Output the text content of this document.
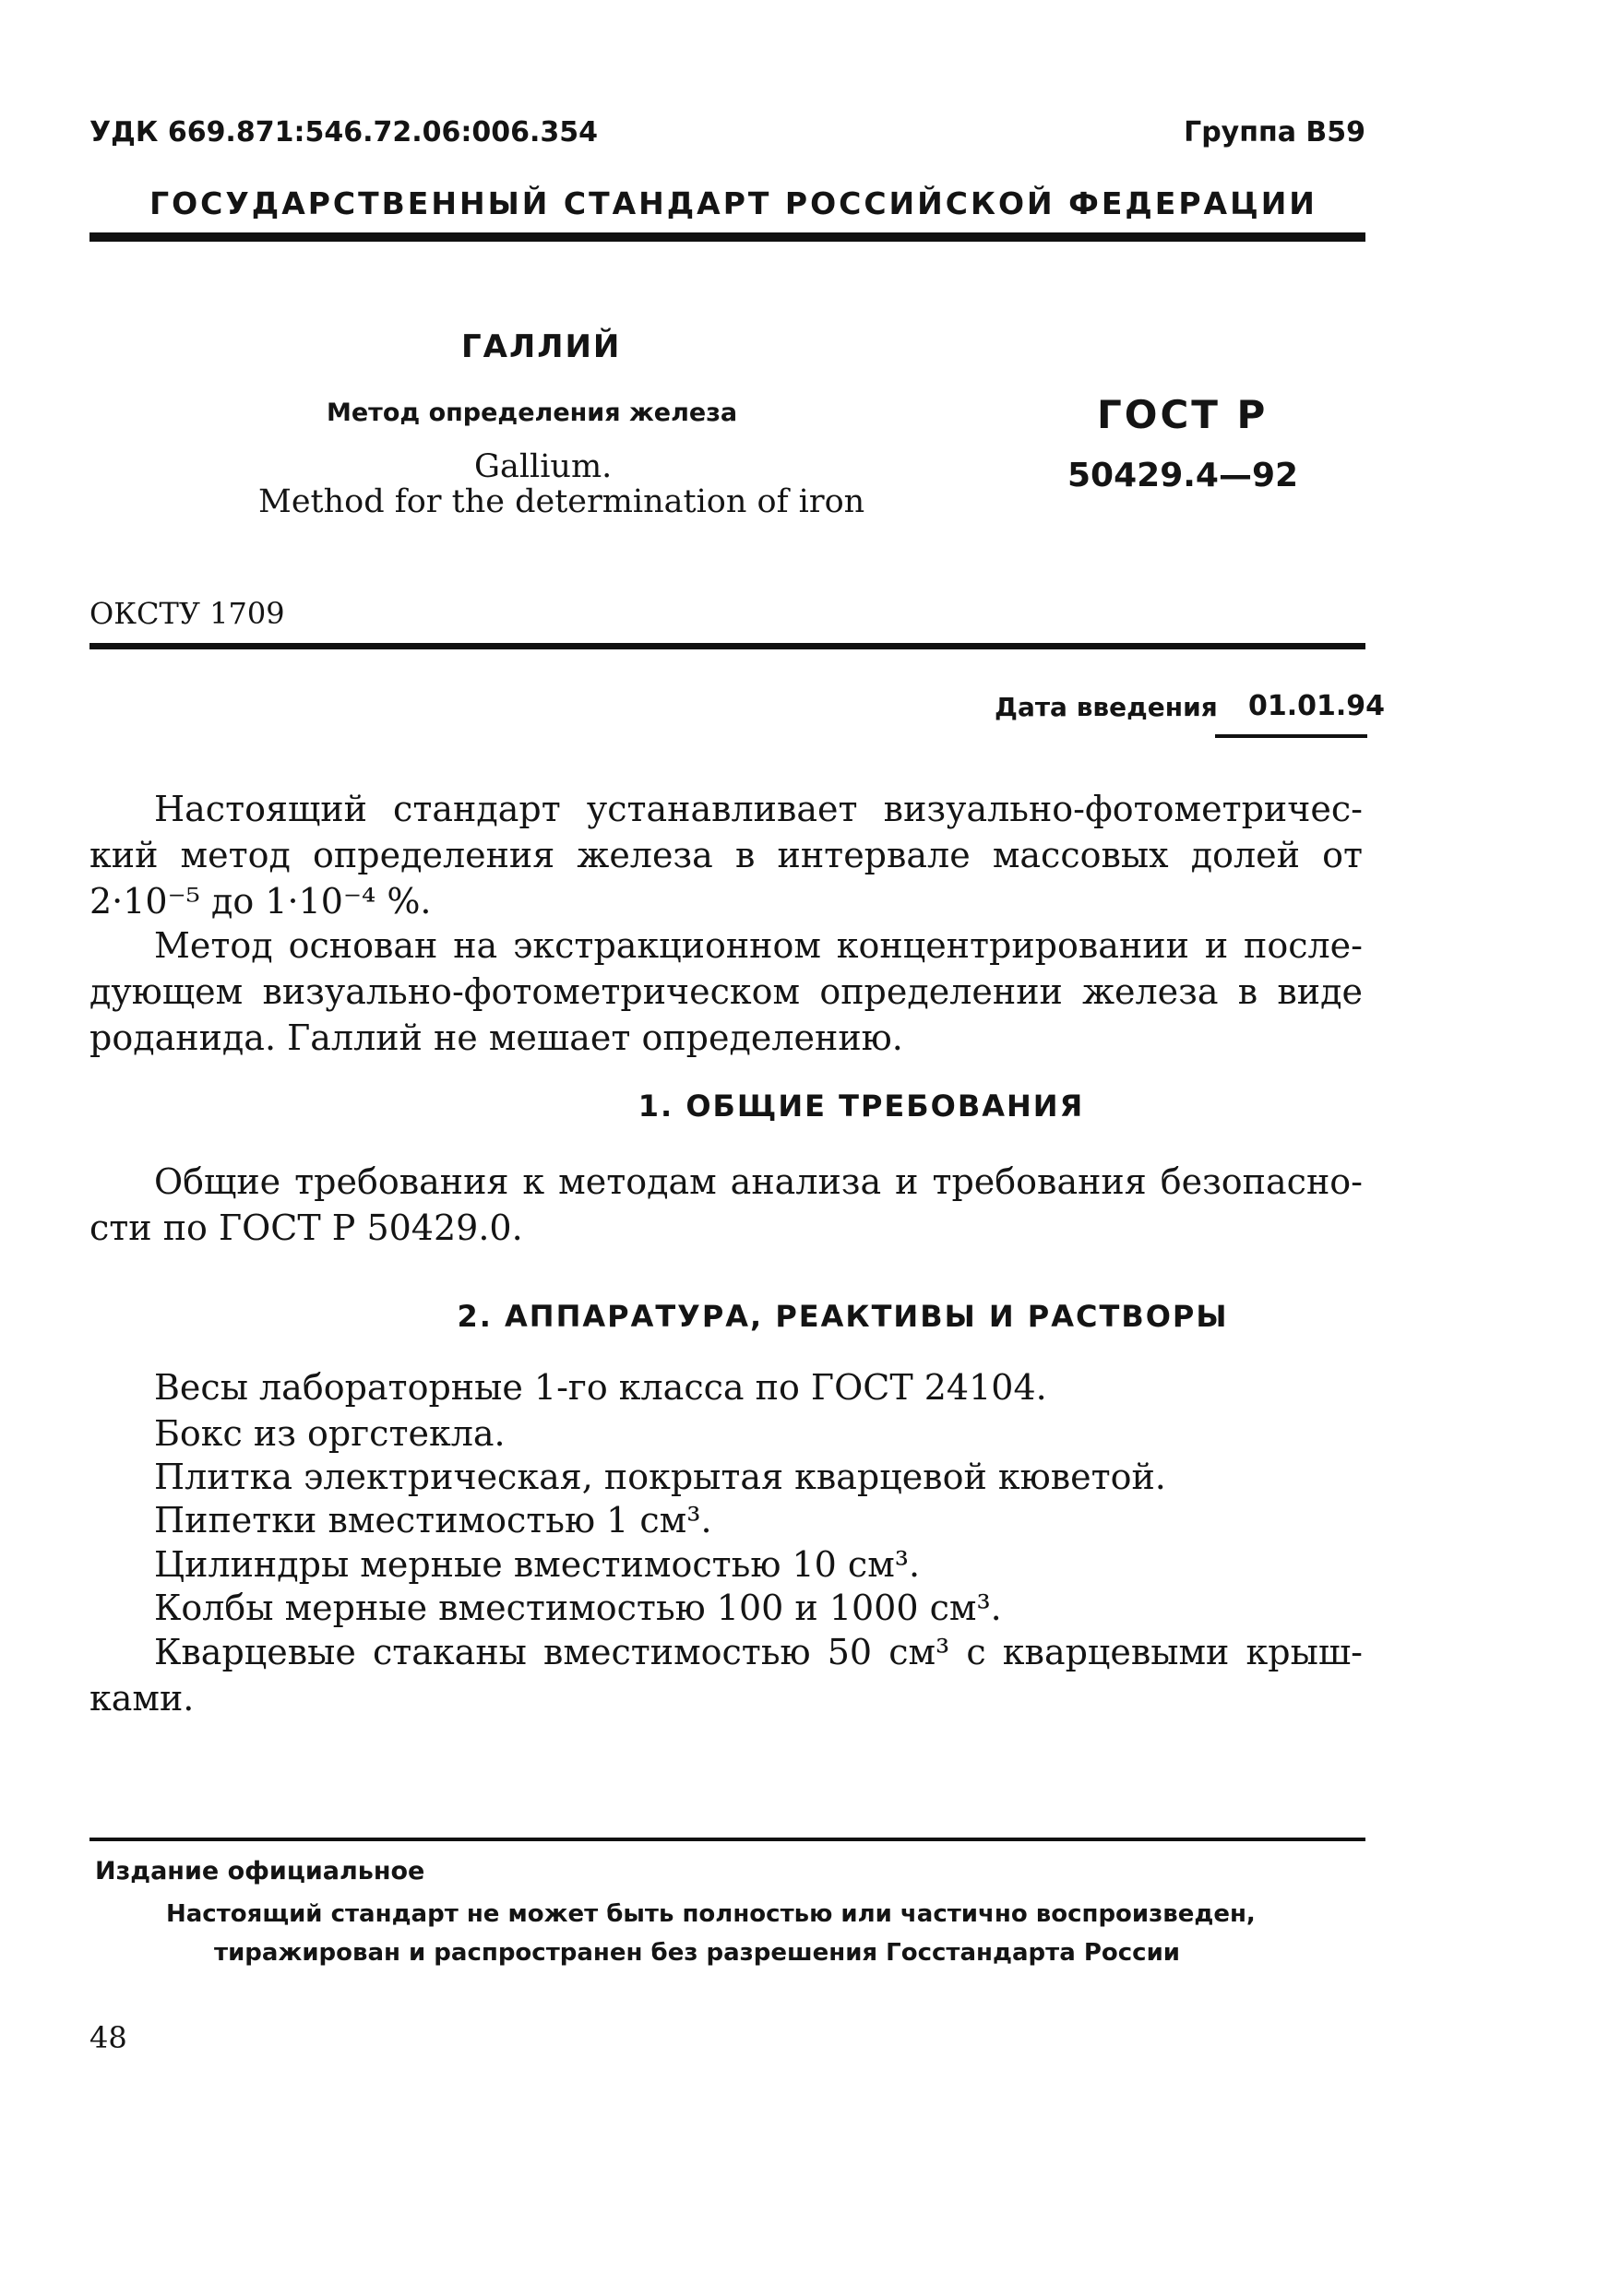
УДК 669.871:546.72.06:006.354	Группа В59
ГОСУДАРСТВЕННЫЙ СТАНДАРТ РОССИЙСКОЙ ФЕДЕРАЦИИ
ГАЛЛИЙ
Метод определения железа
Gallium.
Method for the determination of iron
ГОСТ Р
50429.4—92
ОКСТУ 1709
Дата введения 01.01.94
Настоящий стандарт устанавливает визуально-фотометричес-
кий метод определения железа в интервале массовых долей от
2·10⁻⁵ до 1·10⁻⁴ %.
Метод основан на экстракционном концентрировании и после-
дующем визуально-фотометрическом определении железа в виде
роданида. Галлий не мешает определению.
1. ОБЩИЕ ТРЕБОВАНИЯ
Общие требования к методам анализа и требования безопасно-
сти по ГОСТ Р 50429.0.
2. АППАРАТУРА, РЕАКТИВЫ И РАСТВОРЫ
Весы лабораторные 1-го класса по ГОСТ 24104.
Бокс из оргстекла.
Плитка электрическая, покрытая кварцевой кюветой.
Пипетки вместимостью 1 см³.
Цилиндры мерные вместимостью 10 см³.
Колбы мерные вместимостью 100 и 1000 см³.
Кварцевые стаканы вместимостью 50 см³ с кварцевыми крыш-
ками.
Издание официальное
Настоящий стандарт не может быть полностью или частично воспроизведен,
тиражирован и распространен без разрешения Госстандарта России
48
